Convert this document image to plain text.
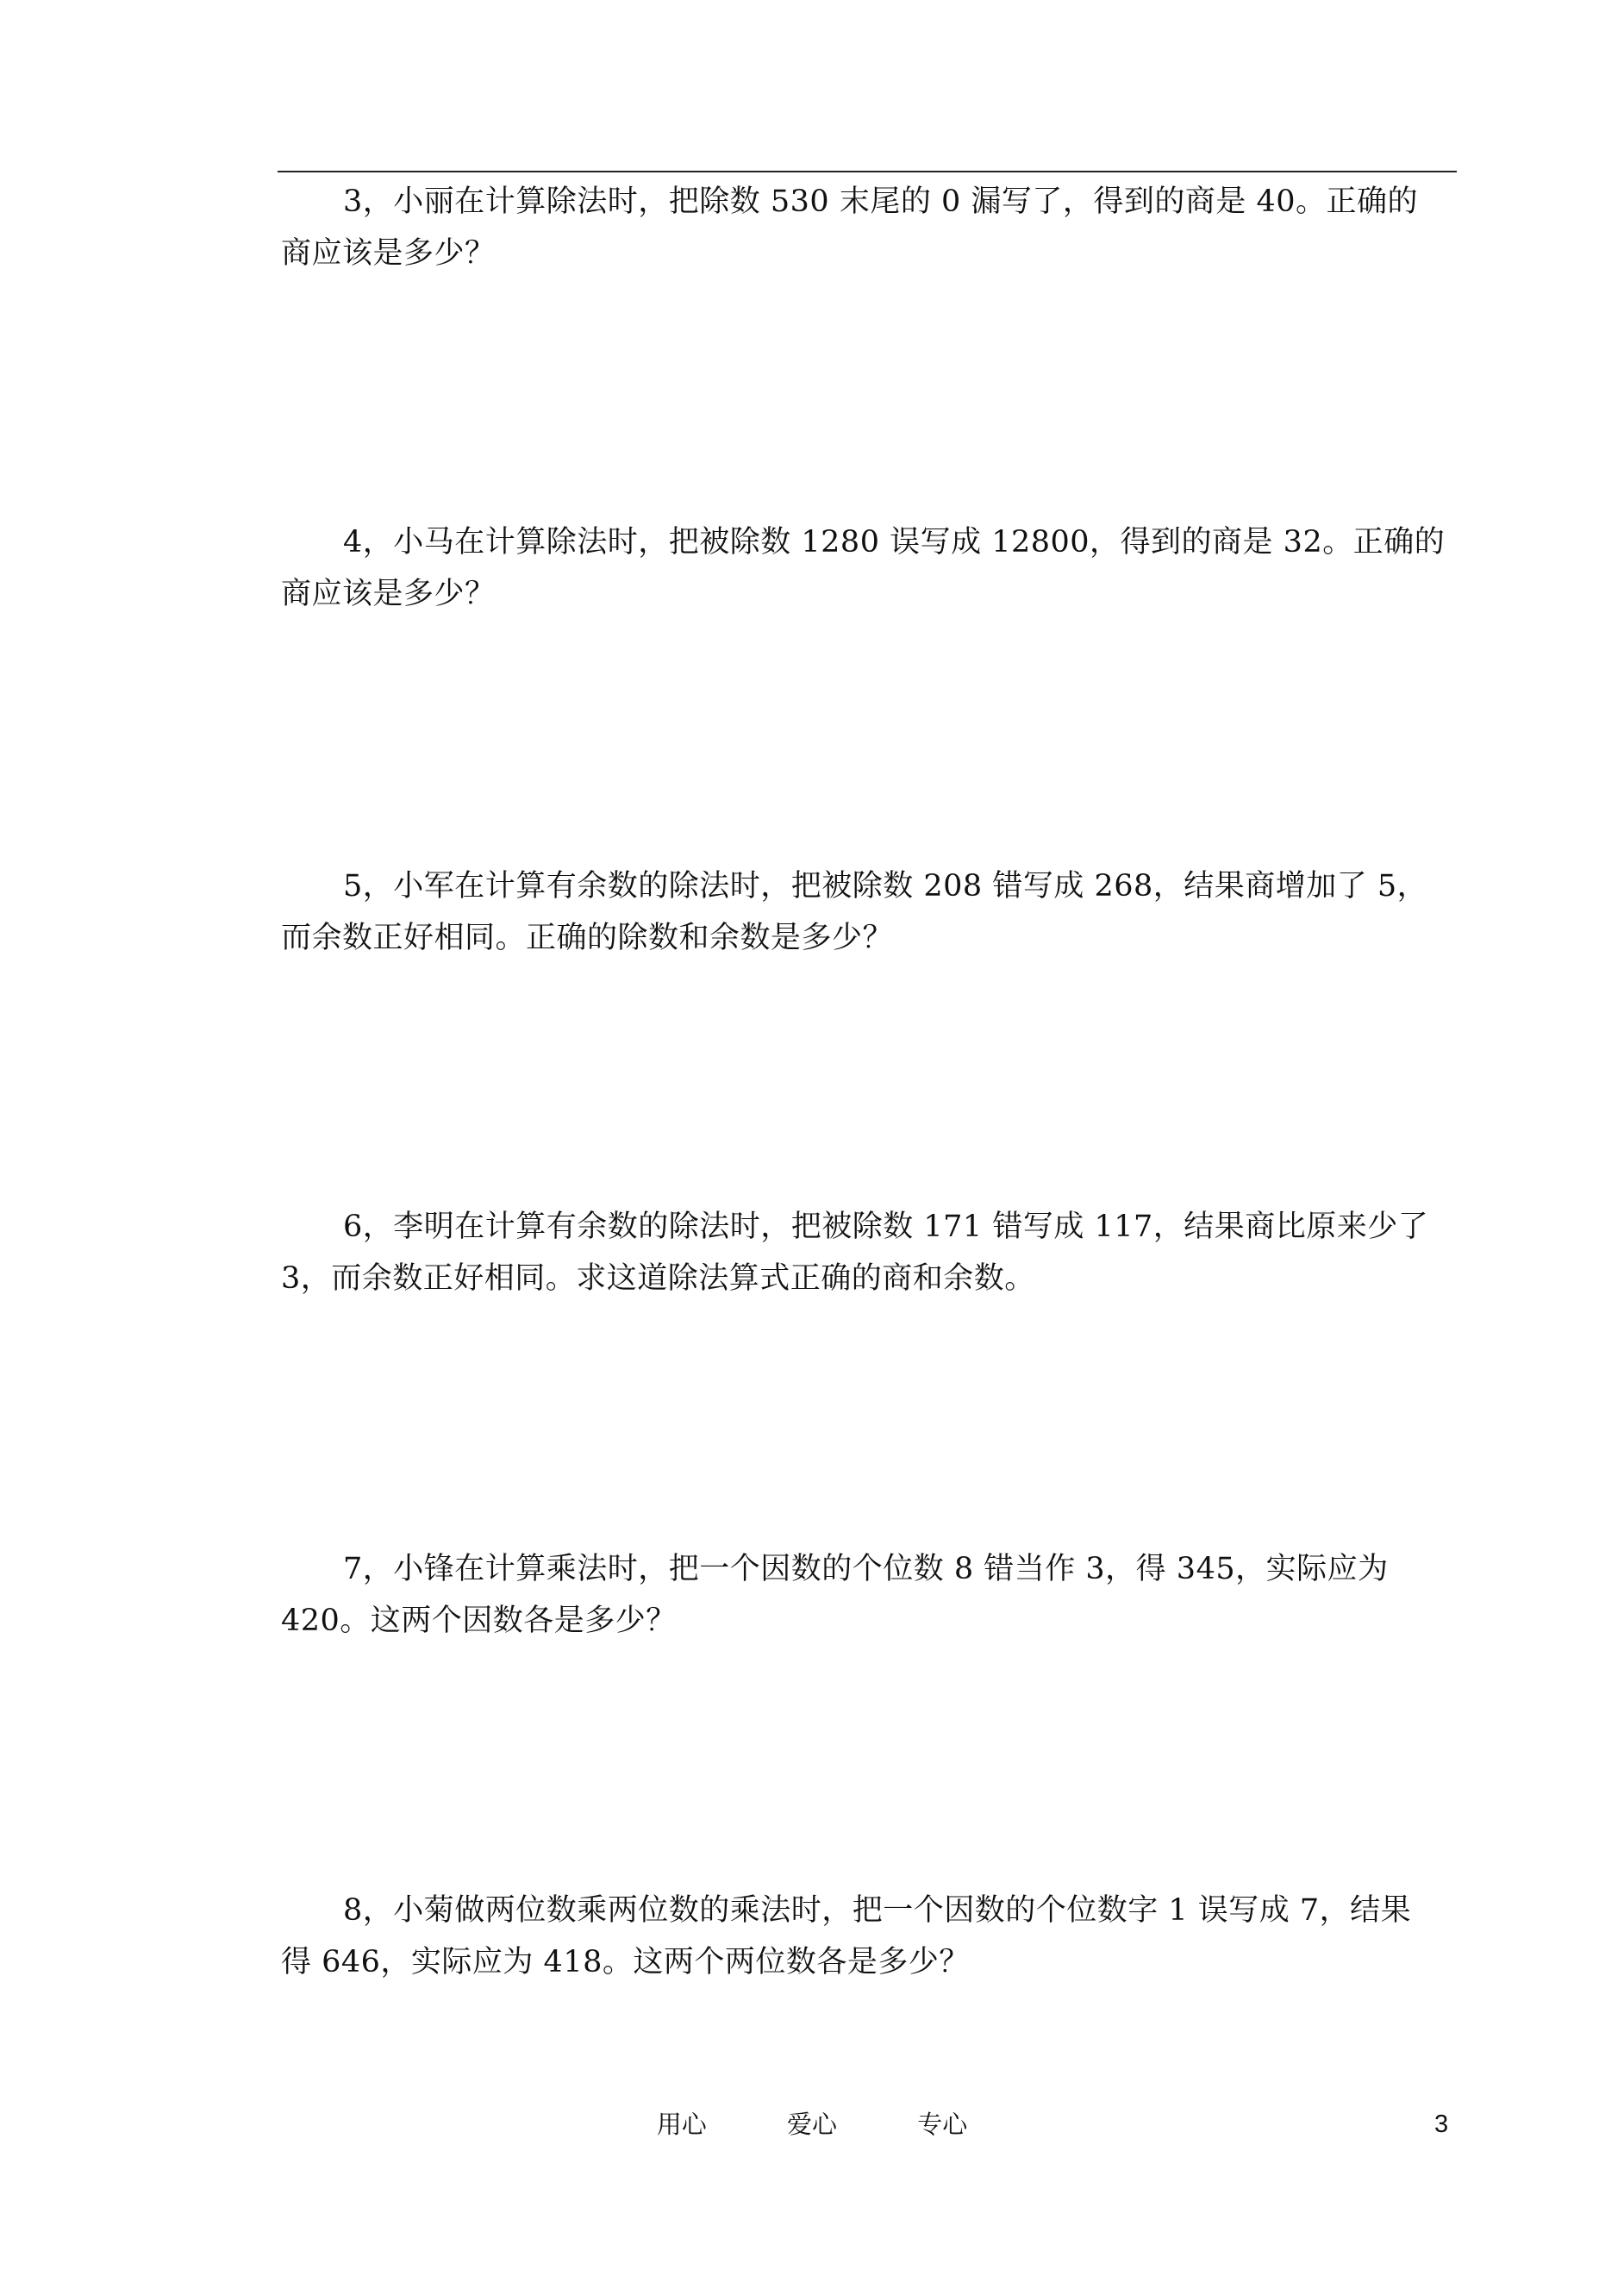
3，小丽在计算除法时，把除数 530 末尾的 0 漏写了，得到的商是 40。正确的
商应该是多少？
4，小马在计算除法时，把被除数 1280 误写成 12800，得到的商是 32。正确的
商应该是多少？
5，小军在计算有余数的除法时，把被除数 208 错写成 268，结果商增加了 5，
而余数正好相同。正确的除数和余数是多少？
6，李明在计算有余数的除法时，把被除数 171 错写成 117，结果商比原来少了
3，而余数正好相同。求这道除法算式正确的商和余数。
7，小锋在计算乘法时，把一个因数的个位数 8 错当作 3，得 345，实际应为
420。这两个因数各是多少？
8，小菊做两位数乘两位数的乘法时，把一个因数的个位数字 1 误写成 7，结果
得 646，实际应为 418。这两个两位数各是多少？
用心	爱心	专心	3
